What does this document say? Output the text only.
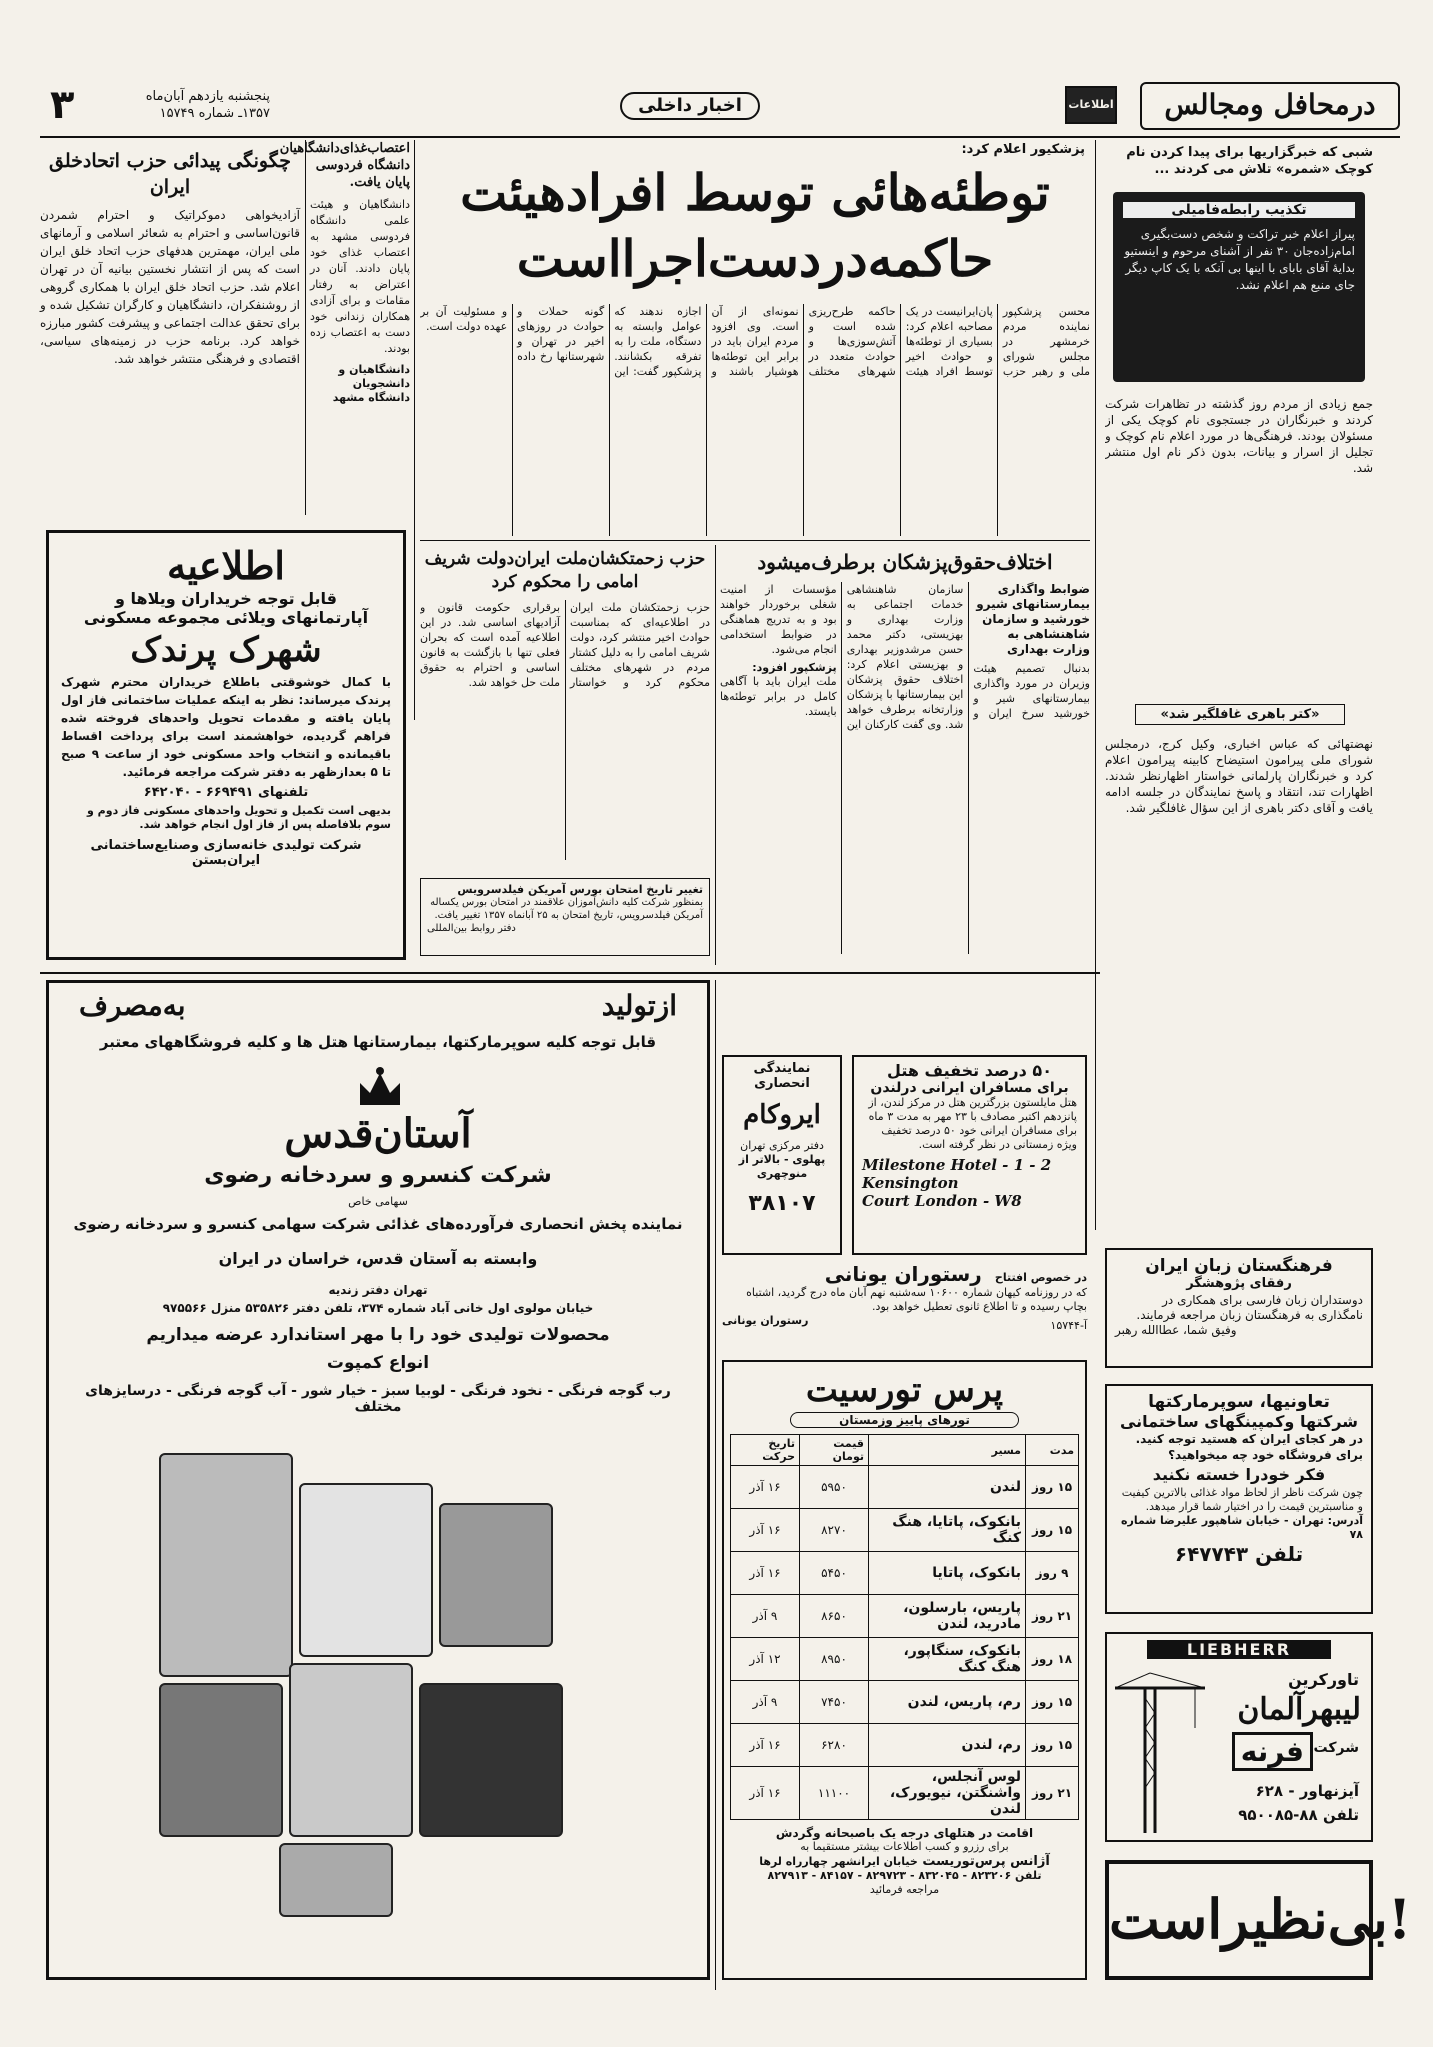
۳	پنجشنبه یازدهم آبان‌ماه
۱۳۵۷ـ شماره ۱۵۷۴۹	اخبار داخلی	اطلاعات	درمحافل ومجالس
شبی که خبرگزاریها برای پیدا کردن نام کوچک «شمره» تلاش می کردند ...
تکذیب رابطه‌فامیلی
پیراز اعلام خبر تراکت و شخص دست‌بگیری امام‌زاده‌جان ۳۰ نفر از آشنای مرحوم و اینستیو بدایهٔ آقای بابای با اینها بی آنکه با یک کاپ دیگر جای منبع هم اعلام نشد.
جمع زیادی از مردم روز گذشته در تظاهرات شرکت کردند و خبرنگاران در جستجوی نام کوچک یکی از مسئولان بودند. فرهنگی‌ها در مورد اعلام نام کوچک و تجلیل از اسرار و بیانات، بدون ذکر نام اول منتشر شد.
«کتر باهری غافلگیر شد»
نهضتهائی که عباس اخباری، وکیل کرج، درمجلس شورای ملی پیرامون استیضاح کابینه پیرامون اعلام کرد و خبرنگاران پارلمانی خواستار اظهارنظر شدند. اظهارات تند، انتقاد و پاسخ نمایندگان در جلسه ادامه یافت و آقای دکتر باهری از این سؤال غافلگیر شد.
فرهنگستان زبان ایران
رفقای پژوهشگر
دوستداران زبان فارسی برای همکاری در نامگذاری به فرهنگستان زبان مراجعه فرمایند.
وفیق شما، عطاالله رهبر
تعاونیها، سوپرمارکتها
شرکتها وکمپینگهای ساختمانی
در هر کجای ایران که هستید توجه کنید. برای فروشگاه خود چه میخواهید؟
فکر خودرا خسته نکنید
چون شرکت ناظر از لحاظ مواد غذائی بالاترین کیفیت و مناسبترین قیمت را در اختیار شما قرار میدهد.
آدرس: تهران - خیابان شاهپور علیرضا شماره ۷۸
تلفن ۶۴۷۷۴۳
LIEBHERR
تاورکرین
لیبهرآلمان
شرکت
فرنه
آیزنهاور - ۶۲۸
تلفن ۸۸-۹۵۰۰۸۵
بی‌نظیراست!
چگونگی پیدائی حزب اتحادخلق ایران
آزادیخواهی دموکراتیک و احترام شمردن قانون‌اساسی و احترام به شعائر اسلامی و آرمانهای ملی ایران، مهمترین هدفهای حزب اتحاد خلق ایران است که پس از انتشار نخستین بیانیه آن در تهران اعلام شد. حزب اتحاد خلق ایران با همکاری گروهی از روشنفکران، دانشگاهیان و کارگران تشکیل شده و برای تحقق عدالت اجتماعی و پیشرفت کشور مبارزه خواهد کرد. برنامه حزب در زمینه‌های سیاسی، اقتصادی و فرهنگی منتشر خواهد شد.
اعتصاب‌غذای‌دانشگاهیان دانشگاه فردوسی پایان یافت.
دانشگاهیان و هیئت علمی دانشگاه فردوسی مشهد به اعتصاب غذای خود پایان دادند. آنان در اعتراض به رفتار مقامات و برای آزادی همکاران زندانی خود دست به اعتصاب زده بودند.
دانشگاهیان و دانشجویان دانشگاه مشهد
اطلاعیه
قابل توجه خریداران ویلاها و
آپارتمانهای ویلائی مجموعه مسکونی
شهرک پرندک
با کمال خوشوقتی باطلاع خریداران محترم شهرک پرندک میرساند: نظر به اینکه عملیات ساختمانی فاز اول پایان یافته و مقدمات تحویل واحدهای فروخته شده فراهم گردیده، خواهشمند است برای پرداخت اقساط باقیمانده و انتخاب واحد مسکونی خود از ساعت ۹ صبح تا ۵ بعدازظهر به دفتر شرکت مراجعه فرمائید.
تلفنهای ۶۶۹۴۹۱ - ۶۴۲۰۴۰
بدیهی است تکمیل و تحویل واحدهای مسکونی فاز دوم و سوم بلافاصله پس از فاز اول انجام خواهد شد.
شرکت تولیدی خانه‌سازی وصنایع‌ساختمانی ایران‌بستن
پزشکیور اعلام کرد:
توطئه‌هائی توسط افرادهیئت
حاکمه‌دردست‌اجرا‌است
محسن پزشکپور نماینده مردم خرمشهر در مجلس شورای ملی و رهبر حزب پان‌ایرانیست در یک مصاحبه اعلام کرد: بسیاری از توطئه‌ها و حوادث اخیر توسط افراد هیئت حاکمه طرح‌ریزی شده است و آتش‌سوزی‌ها و حوادث متعدد در شهرهای مختلف نمونه‌ای از آن است. وی افزود مردم ایران باید در برابر این توطئه‌ها هوشیار باشند و اجازه ندهند که عوامل وابسته به دستگاه، ملت را به تفرقه بکشانند. پزشکپور گفت: این گونه حملات و حوادث در روزهای اخیر در تهران و شهرستانها رخ داده و مسئولیت آن بر عهده دولت است.
حزب زحمتکشان‌ملت ایران‌دولت شریف امامی را محکوم کرد
حزب زحمتکشان ملت ایران در اطلاعیه‌ای که بمناسبت حوادث اخیر منتشر کرد، دولت شریف امامی را به دلیل کشتار مردم در شهرهای مختلف محکوم کرد و خواستار برقراری حکومت قانون و آزادیهای اساسی شد. در این اطلاعیه آمده است که بحران فعلی تنها با بازگشت به قانون اساسی و احترام به حقوق ملت حل خواهد شد.
تغییر تاریخ امتحان بورس آمریکن فیلدسرویس
بمنظور شرکت کلیه دانش‌آموزان علاقمند در امتحان بورس یکساله آمریکن فیلدسرویس، تاریخ امتحان به ۲۵ آبانماه ۱۳۵۷ تغییر یافت.
دفتر روابط بین‌المللی
اختلاف‌حقوق‌پزشکان برطرف‌میشود
ضوابط واگذاری بیمارستانهای شیرو خورشید و سازمان شاهنشاهی به وزارت بهداری
بدنبال تصمیم هیئت وزیران در مورد واگذاری بیمارستانهای شیر و خورشید سرخ ایران و سازمان شاهنشاهی خدمات اجتماعی به وزارت بهداری و بهزیستی، دکتر محمد حسن مرشدوزیر بهداری و بهزیستی اعلام کرد: اختلاف حقوق پزشکان این بیمارستانها با پزشکان وزارتخانه برطرف خواهد شد. وی گفت کارکنان این مؤسسات از امنیت شغلی برخوردار خواهند بود و به تدریج هماهنگی در ضوابط استخدامی انجام می‌شود.
پزشکپور افزود:
ملت ایران باید با آگاهی کامل در برابر توطئه‌ها بایستد.
ازتولید
به‌مصرف
قابل توجه کلیه سوپرمارکتها، بیمارستانها هتل ها و کلیه فروشگاههای معتبر
آستان‌قدس
شرکت کنسرو و سردخانه رضوی
سهامی خاص
نماینده پخش انحصاری فرآورده‌های غذائی شرکت سهامی کنسرو و سردخانه رضوی
وابسته به آستان قدس، خراسان در ایران
تهران دفتر زندیه
خیابان مولوی اول خانی آباد شماره ۳۷۴، تلفن دفتر ۵۳۵۸۲۶ منزل ۹۷۵۵۶۶
محصولات تولیدی خود را با مهر استاندارد عرضه میداریم
انواع کمپوت
رب گوجه فرنگی - نخود فرنگی - لوبیا سبز - خیار شور - آب گوجه فرنگی - درسایزهای مختلف
نمایندگی انحصاری
ایروکام
دفتر مرکزی تهران
پهلوی - بالاتر از منوچهری
۳۸۱۰۷
۵۰ درصد تخفیف هتل
برای مسافران ایرانی درلندن
هتل مایلستون بزرگترین هتل در مرکز لندن، از پانزدهم اکتبر مصادف با ۲۳ مهر به مدت ۳ ماه برای مسافران ایرانی خود ۵۰ درصد تخفیف ویژه زمستانی در نظر گرفته است.
Milestone Hotel - 1 - 2
Kensington
Court London - W8
در خصوص افتتاح رستوران یونانی
که در روزنامه کیهان شماره ۱۰۶۰۰ سه‌شنبه نهم آبان ماه درج گردید، اشتباه بچاپ رسیده و تا اطلاع ثانوی تعطیل خواهد بود.
آ-۱۵۷۴۴
رستوران یونانی
پرس تورسیت
تورهای پاییز وزمستان
مدت	مسیر	قیمت تومان	تاریخ حرکت
۱۵ روز	لندن	۵۹۵۰	۱۶ آذر
۱۵ روز	بانکوک، پاتایا، هنگ کنگ	۸۲۷۰	۱۶ آذر
۹ روز	بانکوک، پاتایا	۵۴۵۰	۱۶ آذر
۲۱ روز	پاریس، بارسلون، مادرید، لندن	۸۶۵۰	۹ آذر
۱۸ روز	بانکوک، سنگاپور، هنگ کنگ	۸۹۵۰	۱۲ آذر
۱۵ روز	رم، پاریس، لندن	۷۴۵۰	۹ آذر
۱۵ روز	رم، لندن	۶۲۸۰	۱۶ آذر
۲۱ روز	لوس آنجلس، واشنگتن، نیویورک، لندن	۱۱۱۰۰	۱۶ آذر
اقامت در هتلهای درجه یک باصبحانه وگردش
برای رزرو و کسب اطلاعات بیشتر مستقیما به
آژانس پرس‌توریست خیابان ایرانشهر چهارراه لرها
تلفن ۸۲۳۲۰۶ - ۸۳۲۰۴۵ - ۸۲۹۷۲۳ - ۸۴۱۵۷ - ۸۲۷۹۱۳
مراجعه فرمائید
